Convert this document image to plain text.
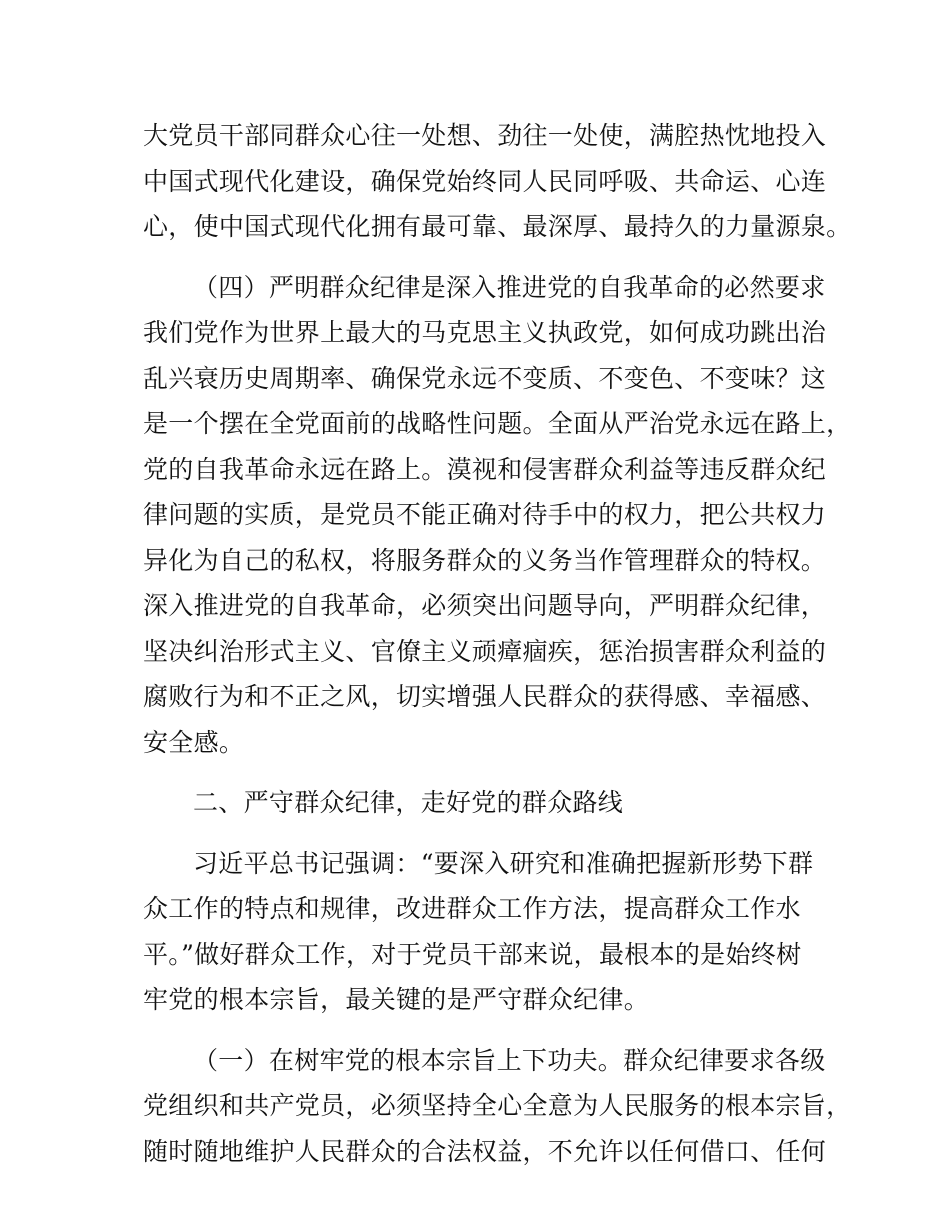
大党员干部同群众心往一处想、劲往一处使，满腔热忱地投入
中国式现代化建设，确保党始终同人民同呼吸、共命运、心连
心，使中国式现代化拥有最可靠、最深厚、最持久的力量源泉。
（四）严明群众纪律是深入推进党的自我革命的必然要求
我们党作为世界上最大的马克思主义执政党，如何成功跳出治
乱兴衰历史周期率、确保党永远不变质、不变色、不变味？这
是一个摆在全党面前的战略性问题。全面从严治党永远在路上，
党的自我革命永远在路上。漠视和侵害群众利益等违反群众纪
律问题的实质，是党员不能正确对待手中的权力，把公共权力
异化为自己的私权，将服务群众的义务当作管理群众的特权。
深入推进党的自我革命，必须突出问题导向，严明群众纪律，
坚决纠治形式主义、官僚主义顽瘴痼疾，惩治损害群众利益的
腐败行为和不正之风，切实增强人民群众的获得感、幸福感、
安全感。
二、严守群众纪律，走好党的群众路线
习近平总书记强调：“要深入研究和准确把握新形势下群
众工作的特点和规律，改进群众工作方法，提高群众工作水
平。”做好群众工作，对于党员干部来说，最根本的是始终树
牢党的根本宗旨，最关键的是严守群众纪律。
（一）在树牢党的根本宗旨上下功夫。群众纪律要求各级
党组织和共产党员，必须坚持全心全意为人民服务的根本宗旨，
随时随地维护人民群众的合法权益，不允许以任何借口、任何
